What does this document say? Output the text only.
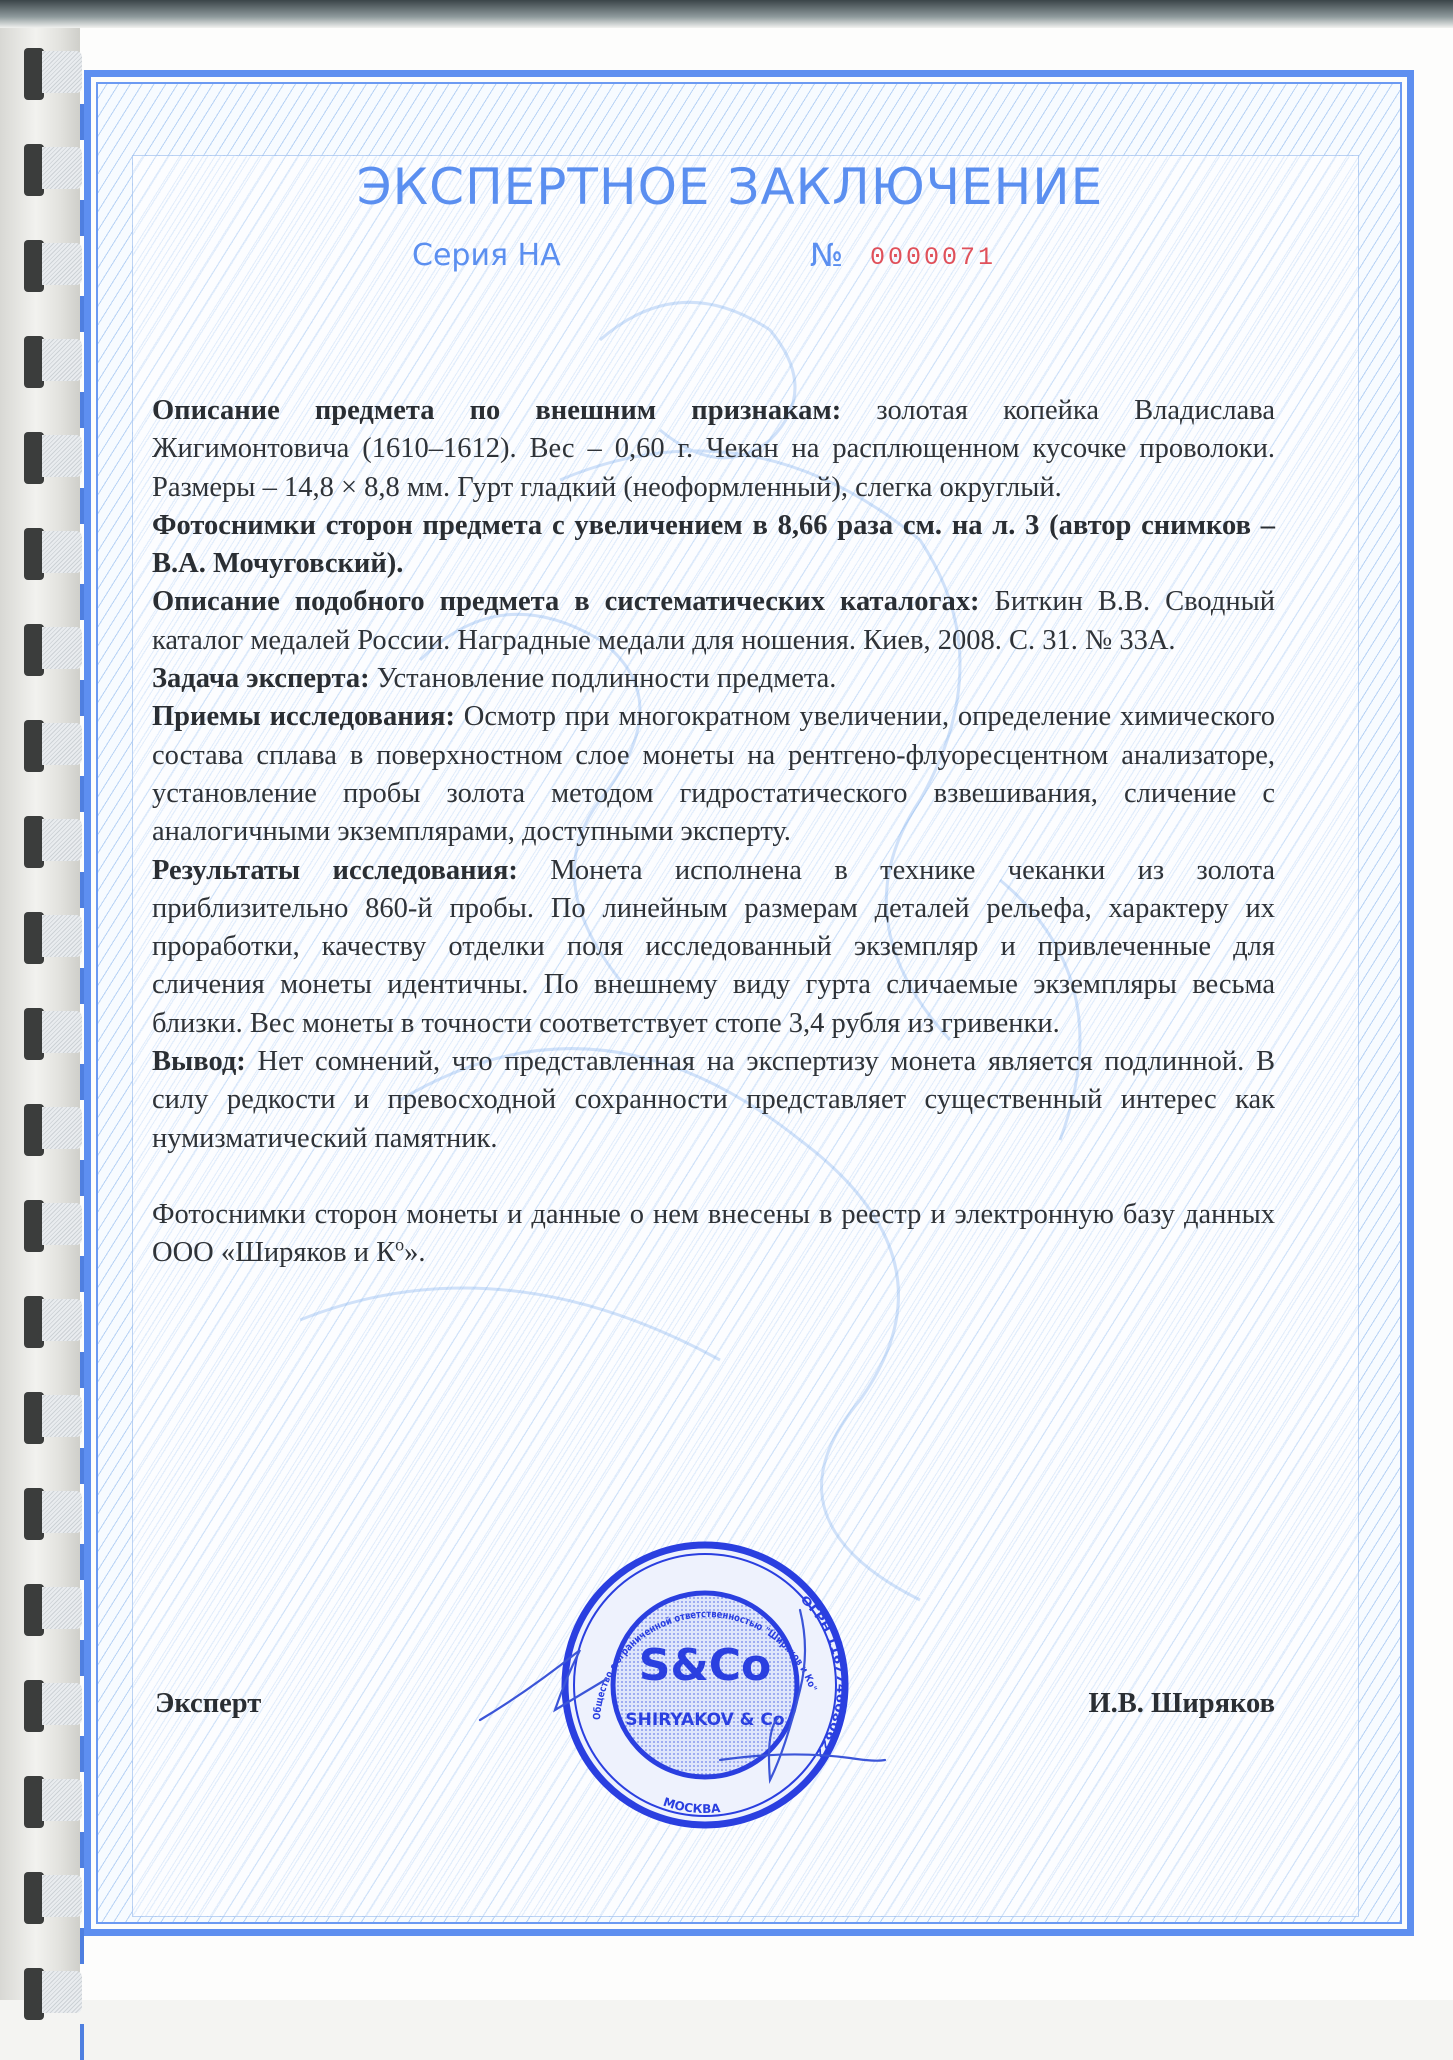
ЭКСПЕРТНОЕ ЗАКЛЮЧЕНИЕ
Серия НА	№ 0000071

Описание предмета по внешним признакам: золотая копейка Владислава Жигимонтовича (1610–1612). Вес – 0,60 г. Чекан на расплющенном кусочке проволоки. Размеры – 14,8 × 8,8 мм. Гурт гладкий (неоформленный), слегка округлый.

Фотоснимки сторон предмета с увеличением в 8,66 раза см. на л. 3 (автор снимков – В.А. Мочуговский).

Описание подобного предмета в систематических каталогах: Биткин В.В. Сводный каталог медалей России. Наградные медали для ношения. Киев, 2008. С. 31. № 33А.

Задача эксперта: Установление подлинности предмета.

Приемы исследования: Осмотр при многократном увеличении, определение химического состава сплава в поверхностном слое монеты на рентгено-флуоресцентном анализаторе, установление пробы золота методом гидростатического взвешивания, сличение с аналогичными экземплярами, доступными эксперту.

Результаты исследования: Монета исполнена в технике чеканки из золота приблизительно 860-й пробы. По линейным размерам деталей рельефа, характеру их проработки, качеству отделки поля исследованный экземпляр и привлеченные для сличения монеты идентичны. По внешнему виду гурта сличаемые экземпляры весьма близки. Вес монеты в точности соответствует стопе 3,4 рубля из гривенки.

Вывод: Нет сомнений, что представленная на экспертизу монета является подлинной. В силу редкости и превосходной сохранности представляет существенный интерес как нумизматический памятник.

Фотоснимки сторон монеты и данные о нем внесены в реестр и электронную базу данных ООО «Ширяков и $К^о$».

Эксперт	И.В. Ширяков
Общество с ограниченной ответственностью "Ширяков и Ко"
ОГРН 1167746080622
МОСКВА
S&Co
SHIRYAKOV & Co
